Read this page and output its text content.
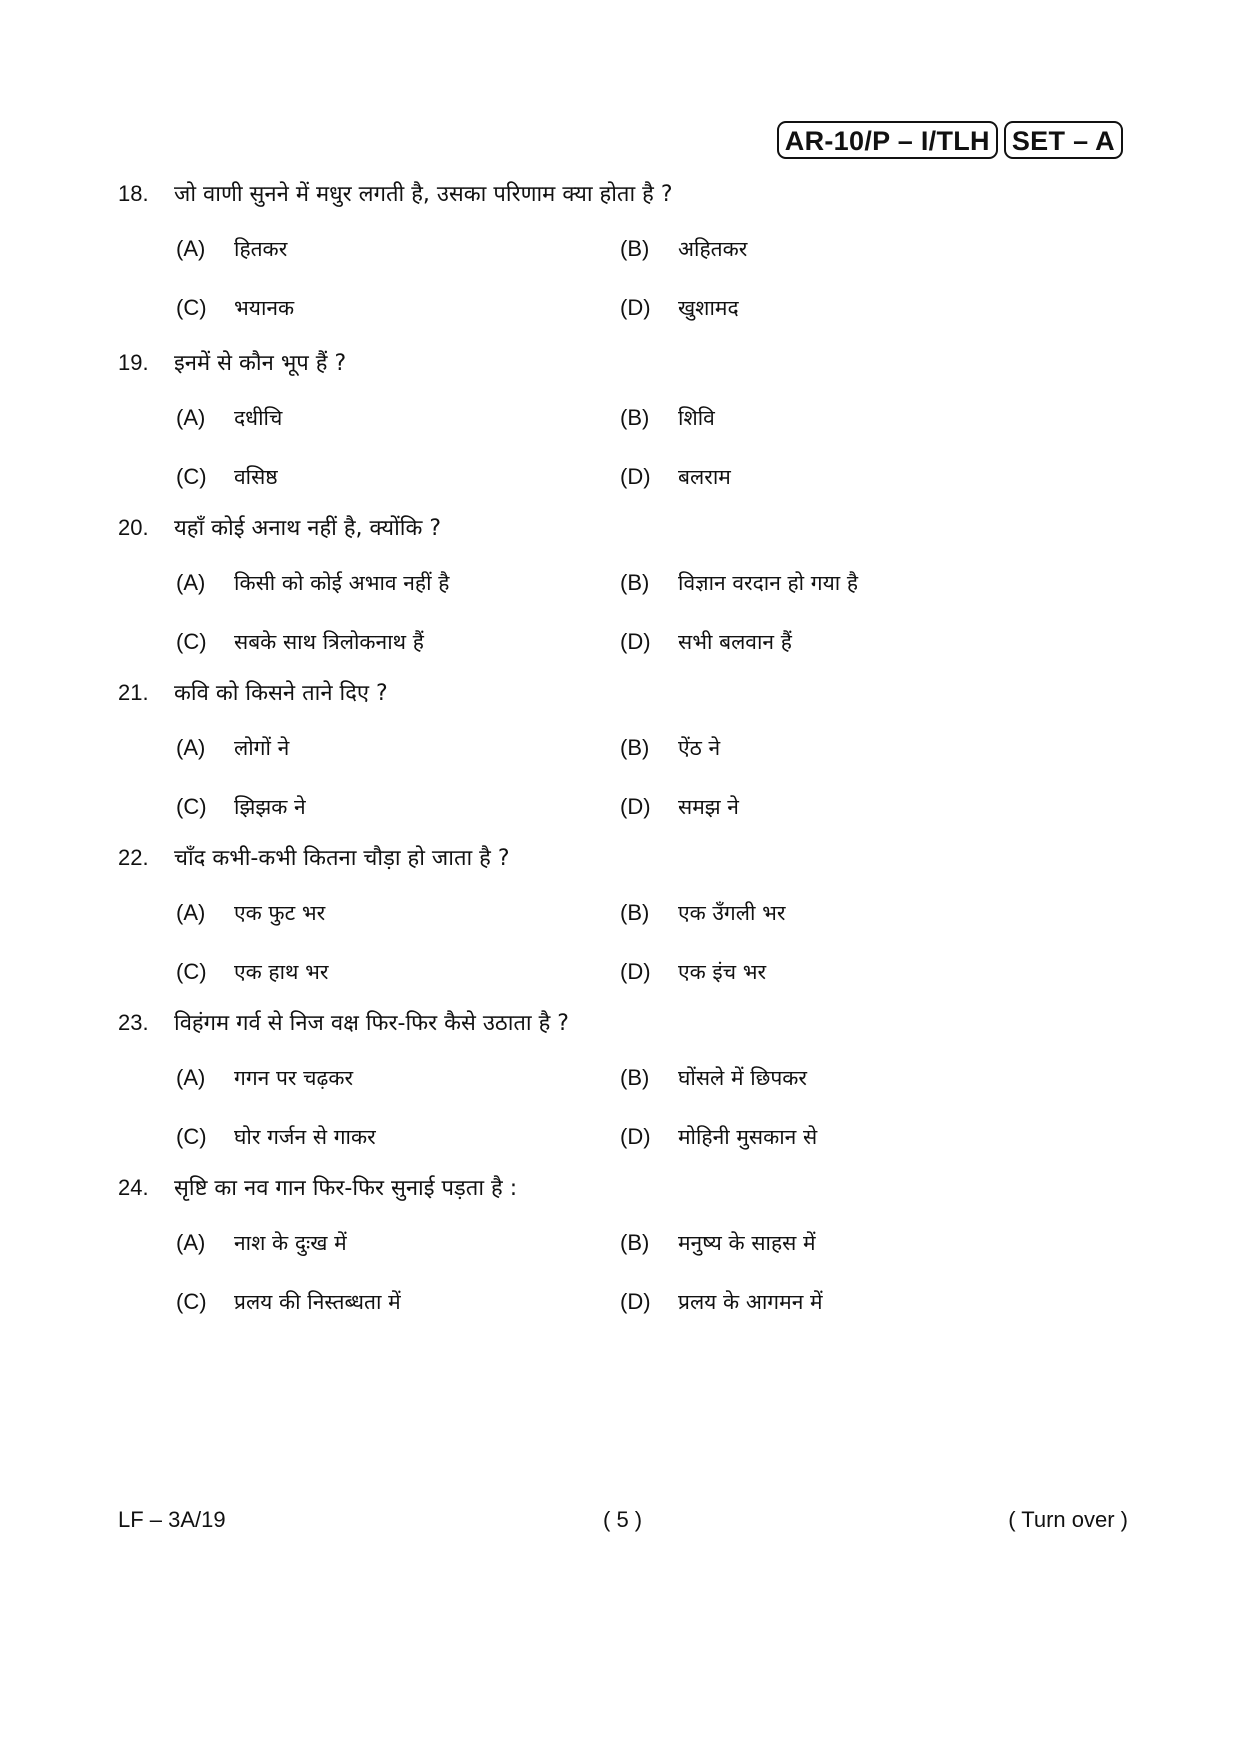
AR-10/P – I/TLH SET – A
18.	जो वाणी सुनने में मधुर लगती है, उसका परिणाम क्या होता है ?
(A)	हितकर	(B)	अहितकर
(C)	भयानक	(D)	खुशामद
19.	इनमें से कौन भूप हैं ?
(A)	दधीचि	(B)	शिवि
(C)	वसिष्ठ	(D)	बलराम
20.	यहाँ कोई अनाथ नहीं है, क्योंकि ?
(A)	किसी को कोई अभाव नहीं है	(B)	विज्ञान वरदान हो गया है
(C)	सबके साथ त्रिलोकनाथ हैं	(D)	सभी बलवान हैं
21.	कवि को किसने ताने दिए ?
(A)	लोगों ने	(B)	ऐंठ ने
(C)	झिझक ने	(D)	समझ ने
22.	चाँद कभी-कभी कितना चौड़ा हो जाता है ?
(A)	एक फुट भर	(B)	एक उँगली भर
(C)	एक हाथ भर	(D)	एक इंच भर
23.	विहंगम गर्व से निज वक्ष फिर-फिर कैसे उठाता है ?
(A)	गगन पर चढ़कर	(B)	घोंसले में छिपकर
(C)	घोर गर्जन से गाकर	(D)	मोहिनी मुसकान से
24.	सृष्टि का नव गान फिर-फिर सुनाई पड़ता है :
(A)	नाश के दुःख में	(B)	मनुष्य के साहस में
(C)	प्रलय की निस्तब्धता में	(D)	प्रलय के आगमन में
LF – 3A/19	( 5 )	( Turn over )
